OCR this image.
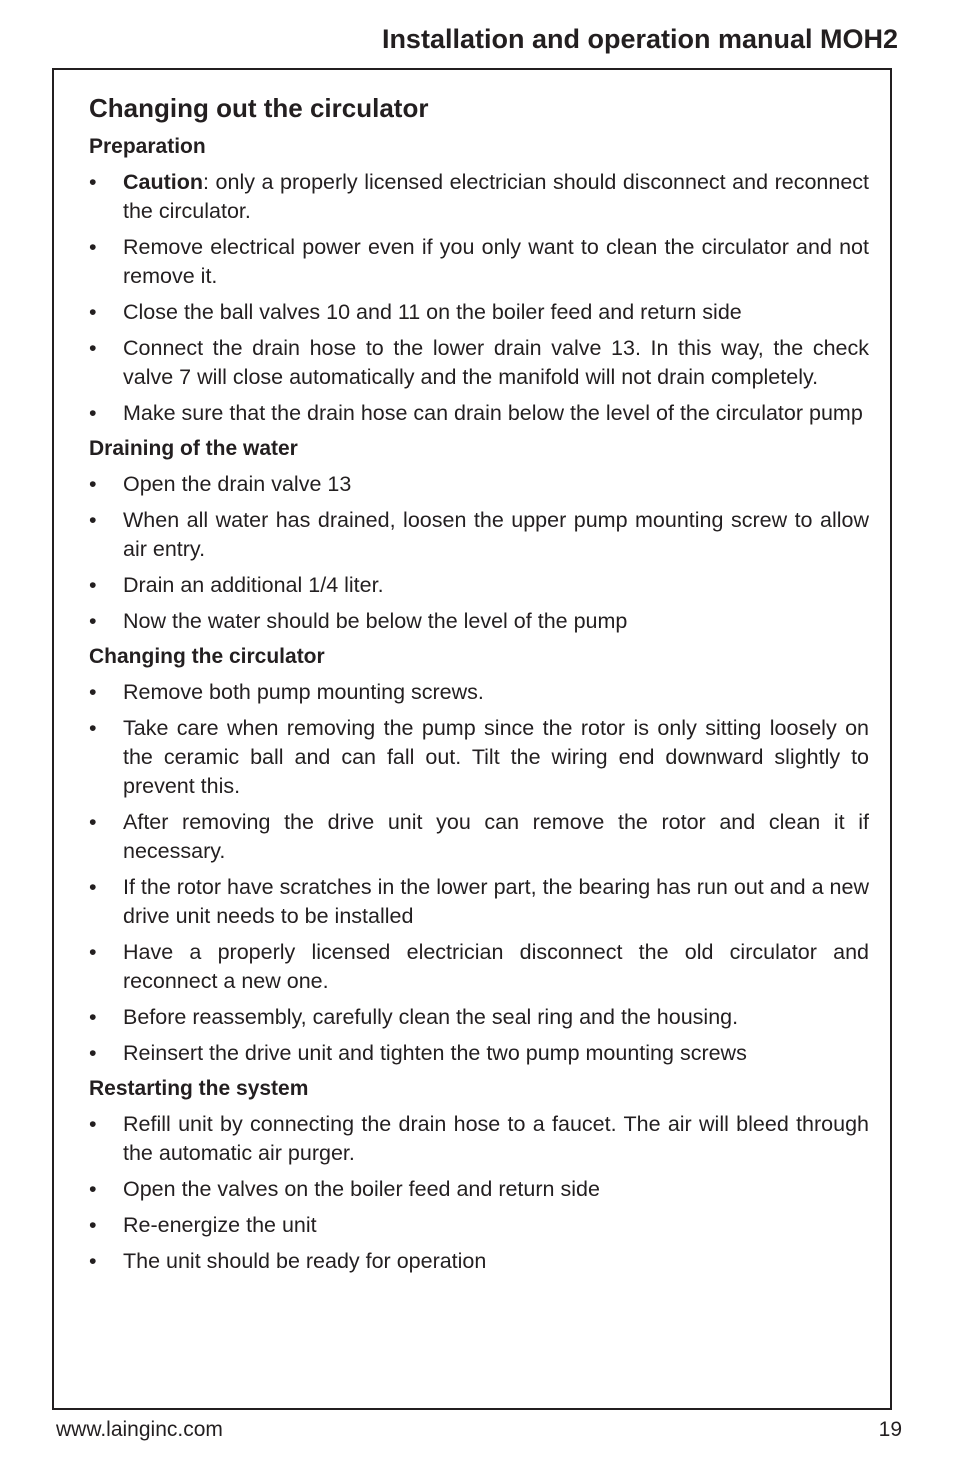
Installation and operation manual MOH2
Changing out the circulator
Preparation
•	Caution: only a properly licensed electrician should disconnect and reconnect the circulator.
•	Remove electrical power even if you only want to clean the circulator and not remove it.
•	Close the ball valves 10 and 11 on the boiler feed and return side
•	Connect the drain hose to the lower drain valve 13. In this way, the check valve 7 will close automatically and the manifold will not drain completely.
•	Make sure that the drain hose can drain below the level of the circulator pump
Draining of the water
•	Open the drain valve 13
•	When all water has drained, loosen the upper pump mounting screw to allow air entry.
•	Drain an additional 1/4 liter.
•	Now the water should be below the level of the pump
Changing the circulator
•	Remove both pump mounting screws.
•	Take care when removing the pump since the rotor is only sitting loosely on the ceramic ball and can fall out. Tilt the wiring end downward slightly to prevent this.
•	After removing the drive unit you can remove the rotor and clean it if necessary.
•	If the rotor have scratches in the lower part, the bearing has run out and a new drive unit needs to be installed
•	Have a properly licensed electrician disconnect the old circulator and reconnect a new one.
•	Before reassembly, carefully clean the seal ring and the housing.
•	Reinsert the drive unit and tighten the two pump mounting screws
Restarting the system
•	Refill unit by connecting the drain hose to a faucet. The air will bleed through the automatic air purger.
•	Open the valves on the boiler feed and return side
•	Re-energize the unit
•	The unit should be ready for operation
www.lainginc.com	19
